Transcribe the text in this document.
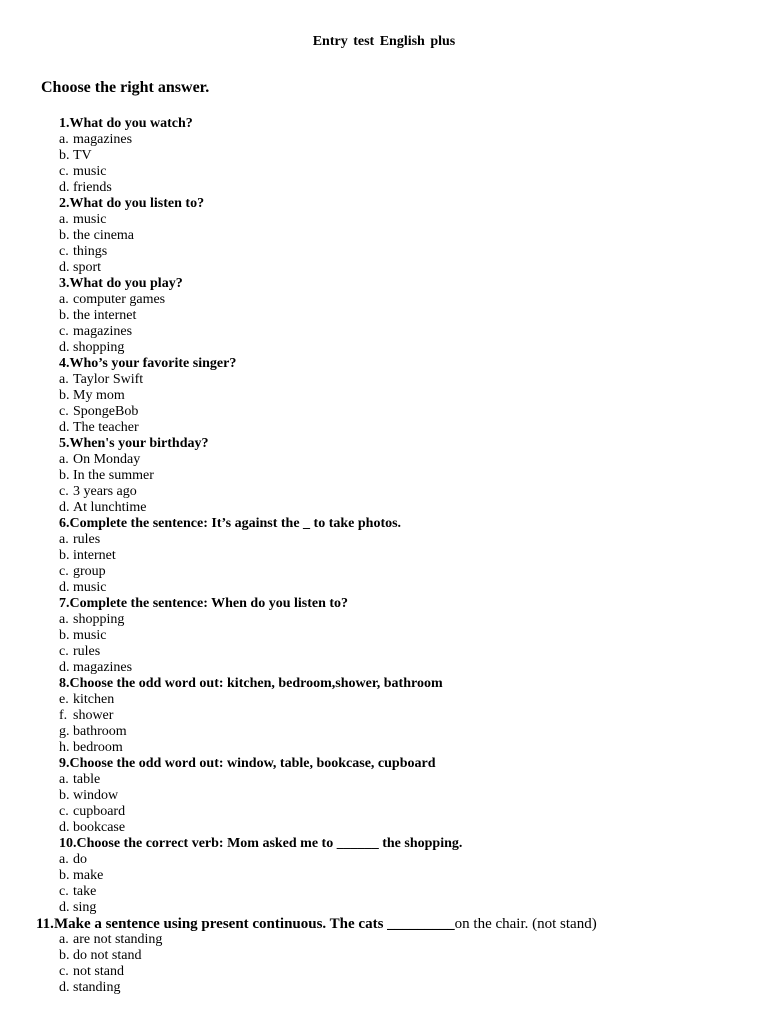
Entry test English plus
Choose the right answer.
1.What do you watch?
a. magazines
b. TV
c. music
d. friends
2.What do you listen to?
a. music
b. the cinema
c. things
d. sport
3.What do you play?
a. computer games
b. the internet
c. magazines
d. shopping
4.Who’s your favorite singer?
a. Taylor Swift
b. My mom
c. SpongeBob
d. The teacher
5.When's your birthday?
a. On Monday
b. In the summer
c. 3 years ago
d. At lunchtime
6.Complete the sentence: It’s against the _ to take photos.
a. rules
b. internet
c. group
d. music
7.Complete the sentence: When do you listen to?
a. shopping
b. music
c. rules
d. magazines
8.Choose the odd word out: kitchen, bedroom,shower, bathroom
e. kitchen
f. shower
g. bathroom
h. bedroom
9.Choose the odd word out: window, table, bookcase, cupboard
a. table
b. window
c. cupboard
d. bookcase
10.Choose the correct verb: Mom asked me to ______ the shopping.
a. do
b. make
c. take
d. sing
11.Make a sentence using present continuous. The cats _________on the chair. (not stand)
a. are not standing
b. do not stand
c. not stand
d. standing
